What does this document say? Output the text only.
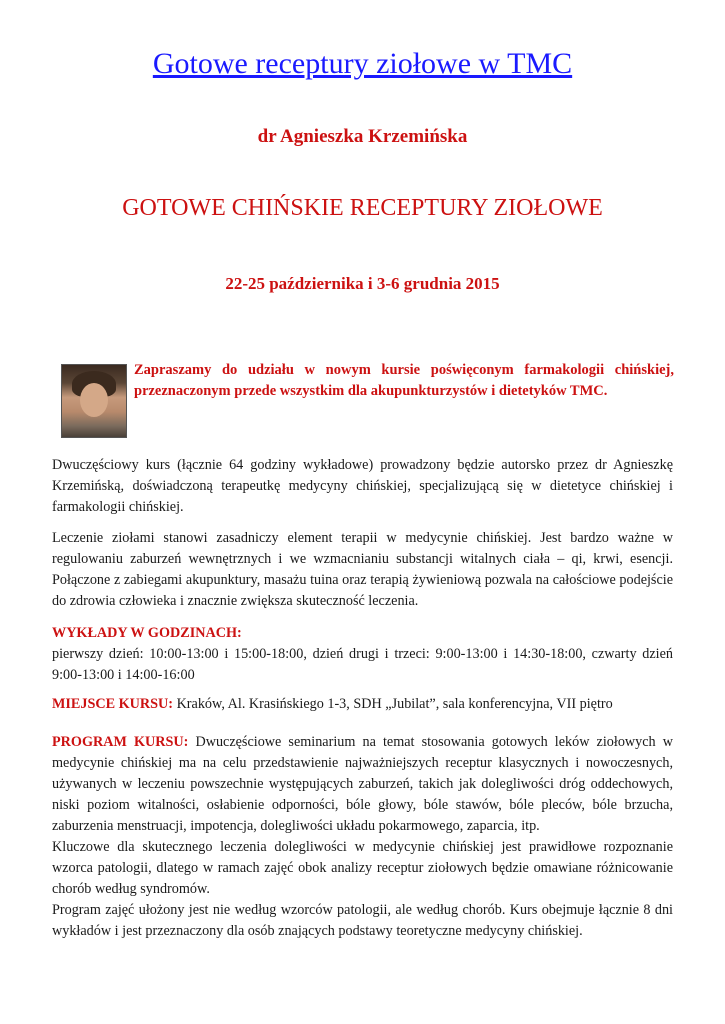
Gotowe receptury ziołowe w TMC
dr Agnieszka Krzemińska
GOTOWE CHIŃSKIE RECEPTURY ZIOŁOWE
22-25 października i 3-6 grudnia 2015
Zapraszamy do udziału w nowym kursie poświęconym farmakologii chińskiej, przeznaczonym przede wszystkim dla akupunkturzystów i dietetyków TMC.
Dwuczęściowy kurs (łącznie 64 godziny wykładowe) prowadzony będzie autorsko przez dr Agnieszkę Krzemińską, doświadczoną terapeutkę medycyny chińskiej, specjalizującą się w dietetyce chińskiej i farmakologii chińskiej.
Leczenie ziołami stanowi zasadniczy element terapii w medycynie chińskiej. Jest bardzo ważne w regulowaniu zaburzeń wewnętrznych i we wzmacnianiu substancji witalnych ciała – qi, krwi, esencji. Połączone z zabiegami akupunktury, masażu tuina oraz terapią żywieniową pozwala na całościowe podejście do zdrowia człowieka i znacznie zwiększa skuteczność leczenia.
WYKŁADY W GODZINACH:
pierwszy dzień: 10:00-13:00 i 15:00-18:00, dzień drugi i trzeci: 9:00-13:00 i 14:30-18:00, czwarty dzień 9:00-13:00 i 14:00-16:00
MIEJSCE KURSU: Kraków, Al. Krasińskiego 1-3, SDH „Jubilat”, sala konferencyjna, VII piętro
PROGRAM KURSU: Dwuczęściowe seminarium na temat stosowania gotowych leków ziołowych w medycynie chińskiej ma na celu przedstawienie najważniejszych receptur klasycznych i nowoczesnych, używanych w leczeniu powszechnie występujących zaburzeń, takich jak dolegliwości dróg oddechowych, niski poziom witalności, osłabienie odporności, bóle głowy, bóle stawów, bóle pleców, bóle brzucha, zaburzenia menstruacji, impotencja, dolegliwości układu pokarmowego, zaparcia, itp.
Kluczowe dla skutecznego leczenia dolegliwości w medycynie chińskiej jest prawidłowe rozpoznanie wzorca patologii, dlatego w ramach zajęć obok analizy receptur ziołowych będzie omawiane różnicowanie chorób według syndromów.
Program zajęć ułożony jest nie według wzorców patologii, ale według chorób. Kurs obejmuje łącznie 8 dni wykładów i jest przeznaczony dla osób znających podstawy teoretyczne medycyny chińskiej.
